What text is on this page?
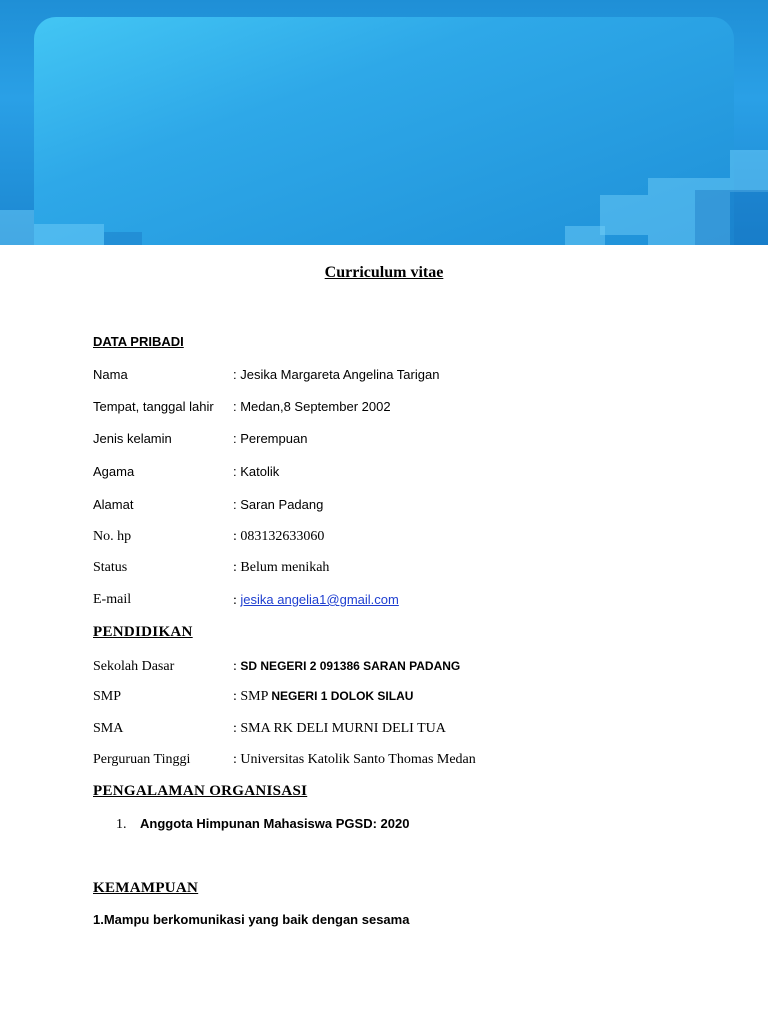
Curriculum vitae
DATA PRIBADI
Nama	: Jesika Margareta Angelina Tarigan
Tempat, tanggal lahir : Medan,8 September 2002
Jenis kelamin	: Perempuan
Agama	: Katolik
Alamat	: Saran Padang
No. hp	: 083132633060
Status	: Belum menikah
E-mail	: jesika angelia1@gmail.com
PENDIDIKAN
Sekolah Dasar	: SD NEGERI 2 091386 SARAN PADANG
SMP	: SMP NEGERI 1 DOLOK SILAU
SMA	: SMA RK DELI MURNI DELI TUA
Perguruan Tinggi	: Universitas Katolik Santo Thomas Medan
PENGALAMAN ORGANISASI
1. Anggota Himpunan Mahasiswa PGSD: 2020
KEMAMPUAN
1.Mampu berkomunikasi yang baik dengan sesama
